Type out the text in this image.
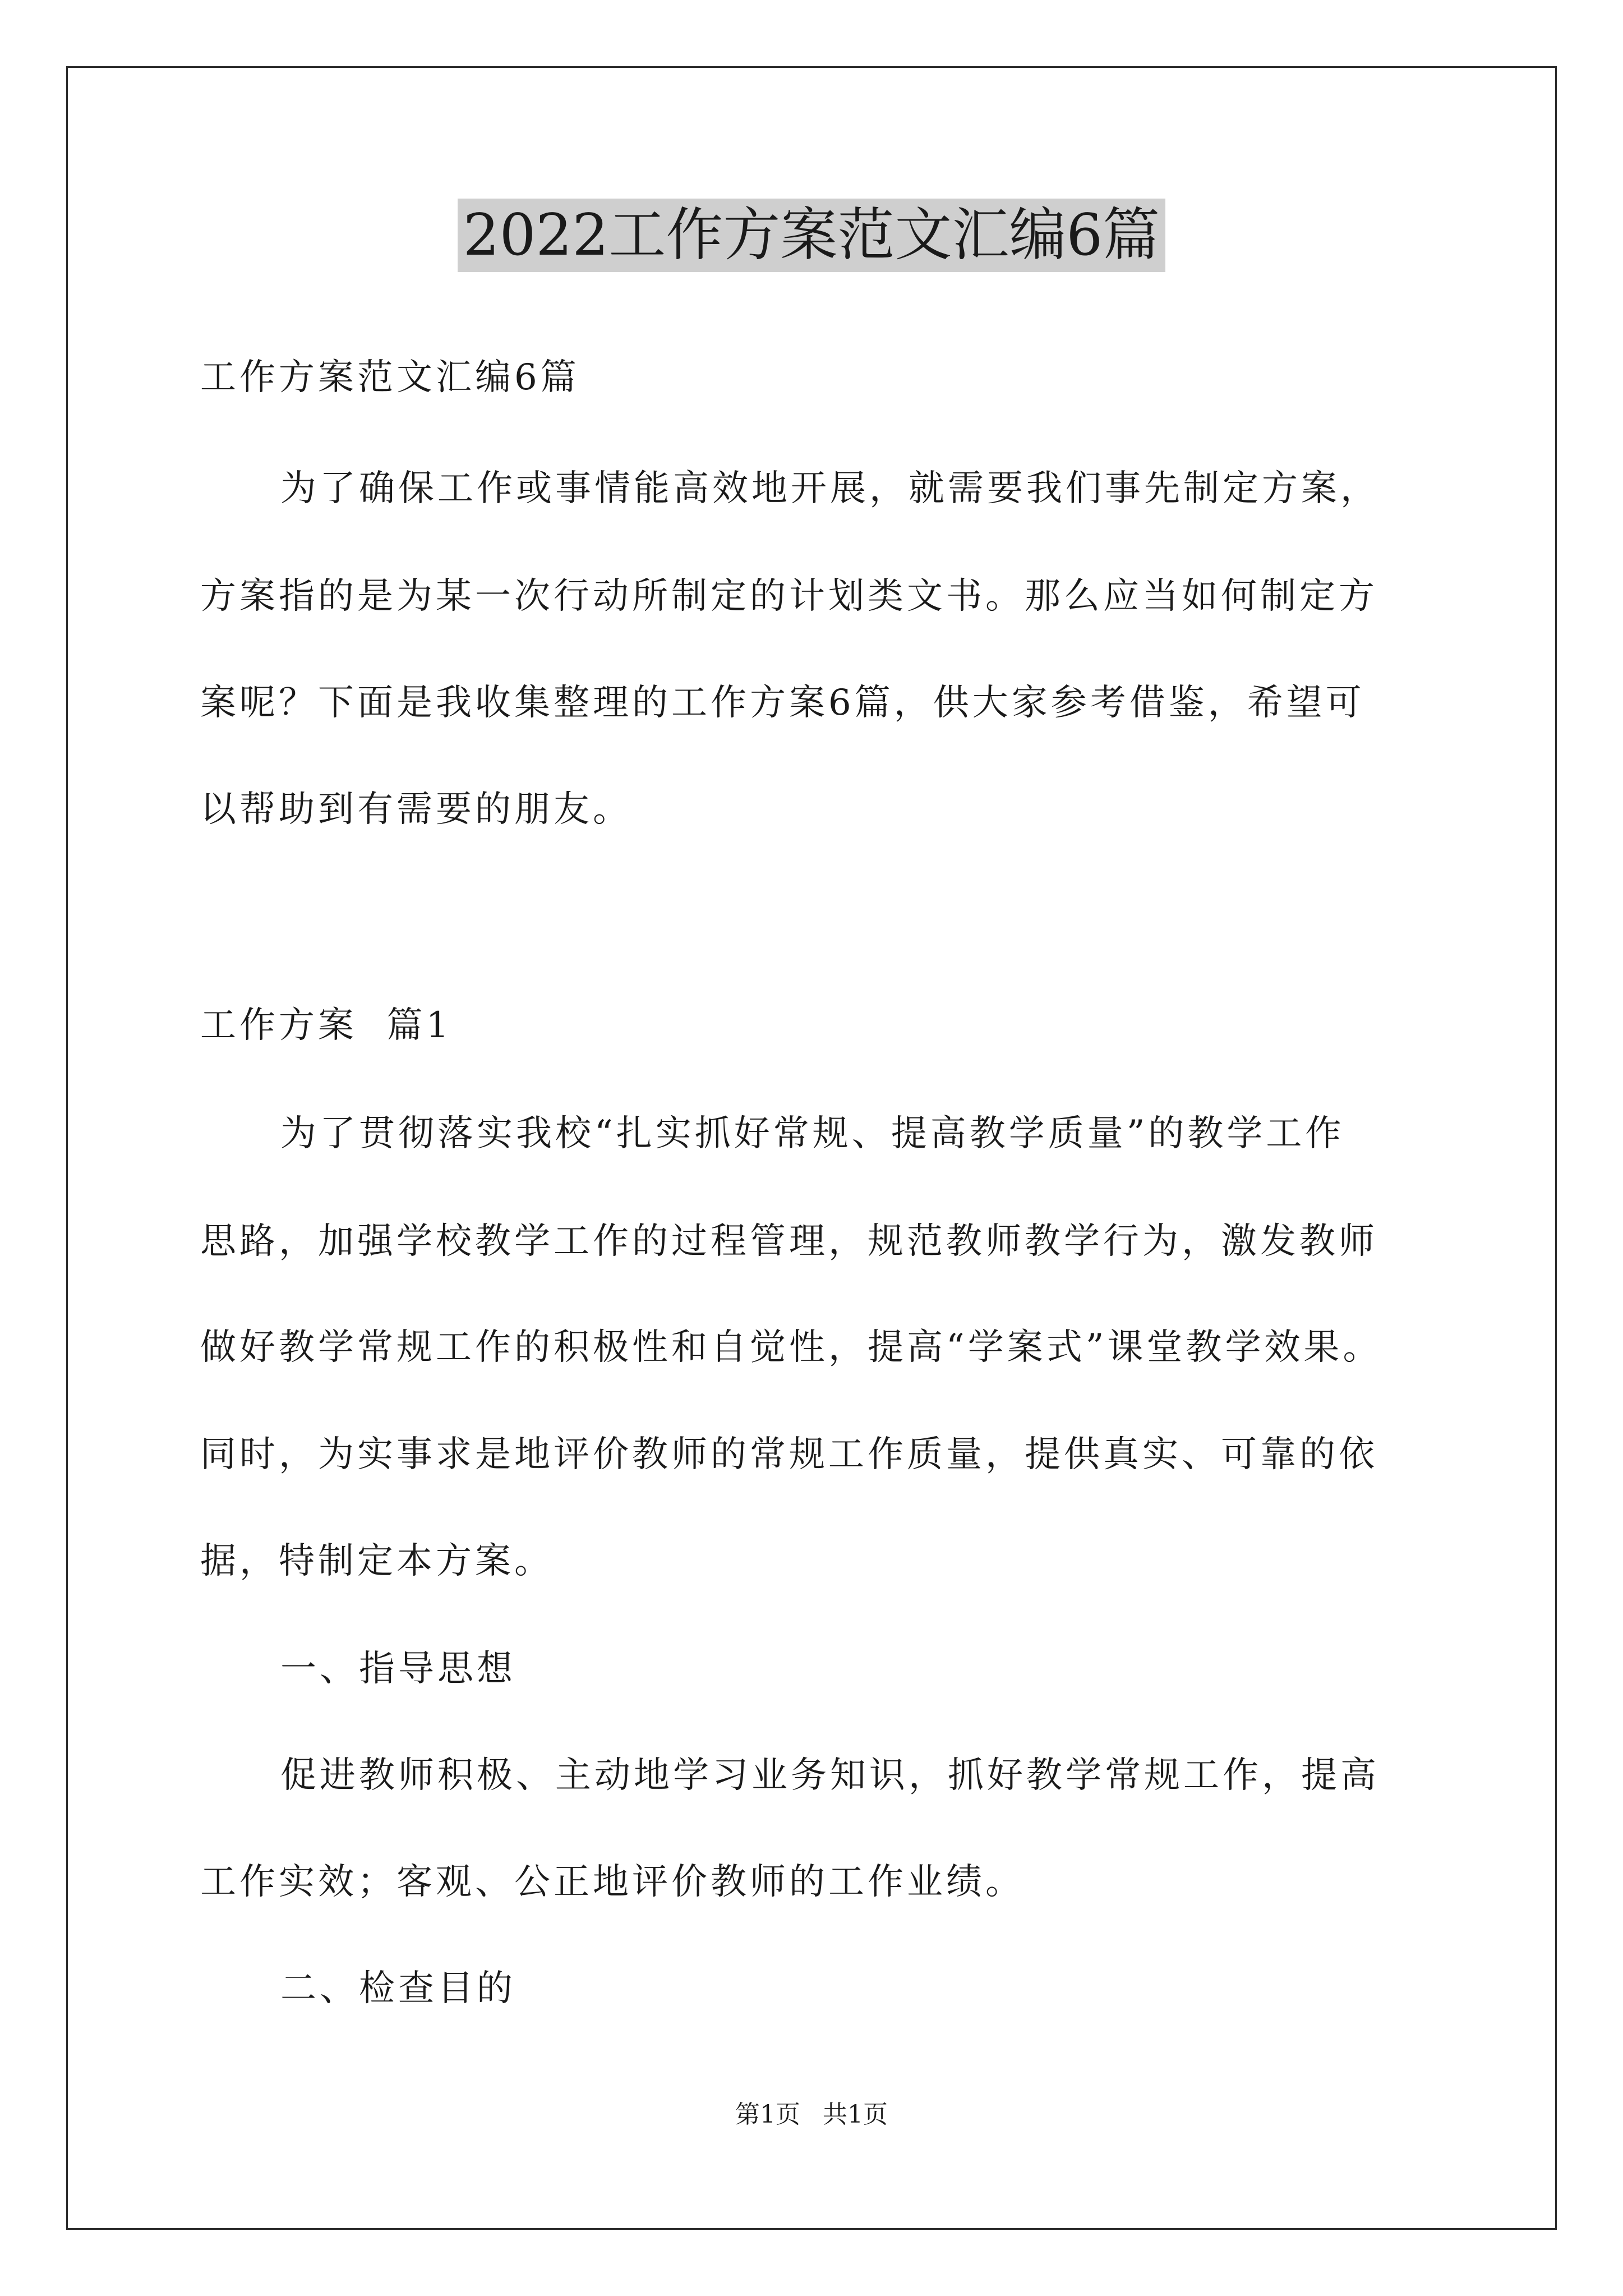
2022工作方案范文汇编6篇
工作方案范文汇编6篇
为了确保工作或事情能高效地开展，就需要我们事先制定方案，
方案指的是为某一次行动所制定的计划类文书。那么应当如何制定方
案呢？下面是我收集整理的工作方案6篇，供大家参考借鉴，希望可
以帮助到有需要的朋友。
工作方案  篇1
为了贯彻落实我校“扎实抓好常规、提高教学质量”的教学工作
思路，加强学校教学工作的过程管理，规范教师教学行为，激发教师
做好教学常规工作的积极性和自觉性，提高“学案式”课堂教学效果。
同时，为实事求是地评价教师的常规工作质量，提供真实、可靠的依
据，特制定本方案。
一、指导思想
促进教师积极、主动地学习业务知识，抓好教学常规工作，提高
工作实效；客观、公正地评价教师的工作业绩。
二、检查目的
第1页 共1页
